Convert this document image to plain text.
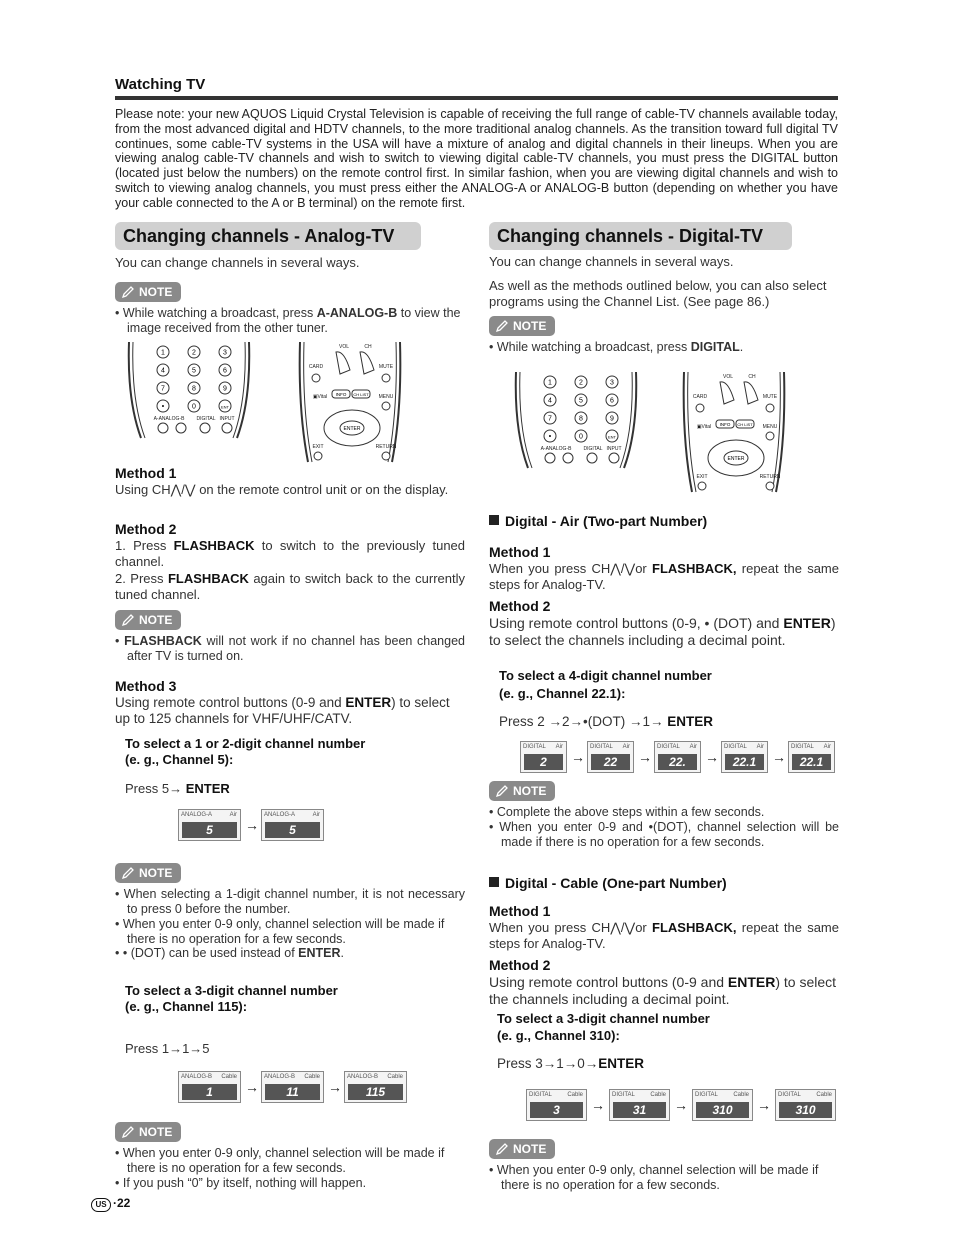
Watching TV
Please note: your new AQUOS Liquid Crystal Television is capable of receiving the full range of cable-TV channels available today, from the most advanced digital and HDTV channels, to the more traditional analog channels. As the transition toward full digital TV continues, some cable-TV systems in the USA will have a mixture of analog and digital channels in their lineups. When you are viewing analog cable-TV channels and wish to switch to viewing digital cable-TV channels, you must press the DIGITAL button (located just below the numbers) on the remote control first. In similar fashion, when you are viewing digital channels and wish to switch to viewing analog channels, you must press either the ANALOG-A or ANALOG-B button (depending on whether you have your cable connected to the A or B terminal) on the remote first.
Changing channels - Analog-TV
You can change channels in several ways.
NOTE
• While watching a broadcast, press A-ANALOG-B to view the image received from the other tuner.
1	2	3
4	5	6
7	8	9
•	0	ENT
A-ANALOG-B DIGITAL INPUT
VOL	CH
CARD	MUTE
▣Vital	MENU
EXIT	RETURN
INFO CH LIST
ENTER
Method 1
Using CH⋀/⋁ on the remote control unit or on the display.
Method 2
1. Press FLASHBACK to switch to the previously tuned channel.
2. Press FLASHBACK again to switch back to the currently tuned channel.
NOTE
• FLASHBACK will not work if no channel has been changed after TV is turned on.
Method 3
Using remote control buttons (0-9 and ENTER) to select up to 125 channels for VHF/UHF/CATV.
To select a 1 or 2-digit channel number
(e. g., Channel 5):
Press 5→ ENTER
NOTE
• When selecting a 1-digit channel number, it is not necessary to press 0 before the number.
• When you enter 0-9 only, channel selection will be made if there is no operation for a few seconds.
• • (DOT) can be used instead of ENTER.
To select a 3-digit channel number
(e. g., Channel 115):
Press 1→1→5
NOTE
• When you enter 0-9 only, channel selection will be made if there is no operation for a few seconds.
• If you push “0” by itself, nothing will happen.
Changing channels - Digital-TV
You can change channels in several ways.
As well as the methods outlined below, you can also select programs using the Channel List. (See page 86.)
NOTE
• While watching a broadcast, press DIGITAL.
1	2	3
4	5	6
7	8	9
•	0	ENT
A-ANALOG-B DIGITAL INPUT
VOL	CH
CARD	MUTE
▣Vital	MENU
EXIT	RETURN
INFO CH LIST
ENTER
Digital - Air (Two-part Number)
Method 1
When you press CH⋀/⋁or FLASHBACK, repeat the same steps for Analog-TV.
Method 2
Using remote control buttons (0-9, • (DOT) and ENTER) to select the channels including a decimal point.
To select a 4-digit channel number
(e. g., Channel 22.1):
Press 2 →2→•(DOT) →1→ ENTER
NOTE
• Complete the above steps within a few seconds.
• When you enter 0-9 and •(DOT), channel selection will be made if there is no operation for a few seconds.
Digital - Cable (One-part Number)
Method 1
When you press CH⋀/⋁or FLASHBACK, repeat the same steps for Analog-TV.
Method 2
Using remote control buttons (0-9 and ENTER) to select the channels including a decimal point.
To select a 3-digit channel number
(e. g., Channel 310):
Press 3→1→0→ENTER
NOTE
• When you enter 0-9 only, channel selection will be made if there is no operation for a few seconds.
US ·22
ANALOG-A	Air
5	→
ANALOG-A	Air
5
ANALOG-B Cable
1	→
ANALOG-B Cable
11	→
ANALOG-B Cable
115
DIGITAL Air
2	→
DIGITAL Air
22	→
DIGITAL Air
22.	→
DIGITAL Air
22.1	→
DIGITAL Air
22.1
DIGITAL	Cable
3	→
DIGITAL	Cable
31	→
DIGITAL	Cable
310	→
DIGITAL	Cable
310
